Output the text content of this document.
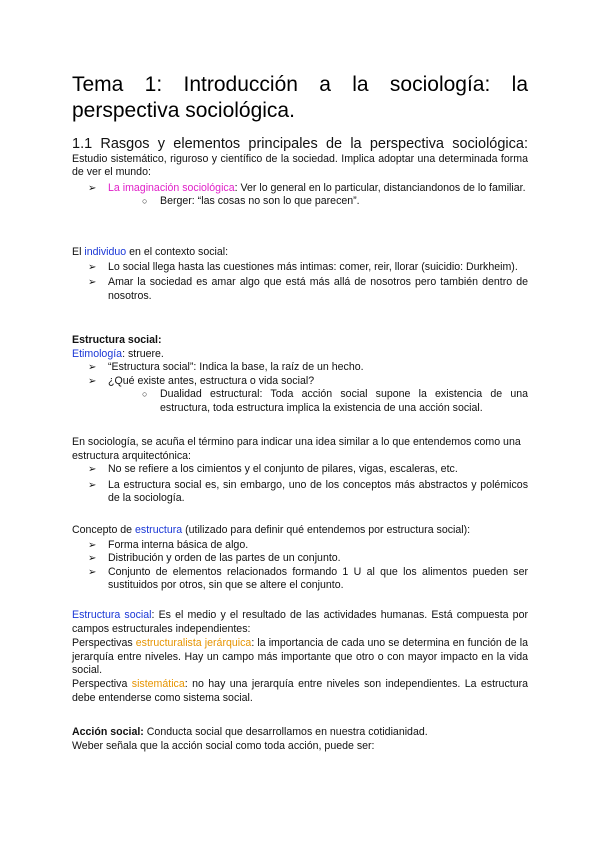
Tema 1: Introducción a la sociología: la
perspectiva sociológica.

1.1 Rasgos y elementos principales de la perspectiva sociológica: Estudio sistemático, riguroso y científico de la sociedad. Implica adoptar una determinada forma de ver el mundo:

➢ La imaginación sociológica: Ver lo general en lo particular, distanciandonos de lo familiar.
○ Berger: “las cosas no son lo que parecen”.

El individuo en el contexto social:

➢ Lo social llega hasta las cuestiones más intimas: comer, reir, llorar (suicidio: Durkheim).
➢ Amar la sociedad es amar algo que está más allá de nosotros pero también dentro de nosotros.

Estructura social:

Etimología: struere.

➢ “Estructura social”: Indica la base, la raíz de un hecho.
➢ ¿Qué existe antes, estructura o vida social?
○ Dualidad estructural: Toda acción social supone la existencia de una estructura, toda estructura implica la existencia de una acción social.

En sociología, se acuña el término para indicar una idea similar a lo que entendemos como una estructura arquitectónica:

➢ No se refiere a los cimientos y el conjunto de pilares, vigas, escaleras, etc.
➢ La estructura social es, sin embargo, uno de los conceptos más abstractos y polémicos de la sociología.

Concepto de estructura (utilizado para definir qué entendemos por estructura social):

➢ Forma interna básica de algo.
➢ Distribución y orden de las partes de un conjunto.
➢ Conjunto de elementos relacionados formando 1 U al que los alimentos pueden ser sustituidos por otros, sin que se altere el conjunto.

Estructura social: Es el medio y el resultado de las actividades humanas. Está compuesta por campos estructurales independientes:

Perspectivas estructuralista jerárquica: la importancia de cada uno se determina en función de la jerarquía entre niveles. Hay un campo más importante que otro o con mayor impacto en la vida social.

Perspectiva sistemática: no hay una jerarquía entre niveles son independientes. La estructura debe entenderse como sistema social.

Acción social: Conducta social que desarrollamos en nuestra cotidianidad.

Weber señala que la acción social como toda acción, puede ser:
